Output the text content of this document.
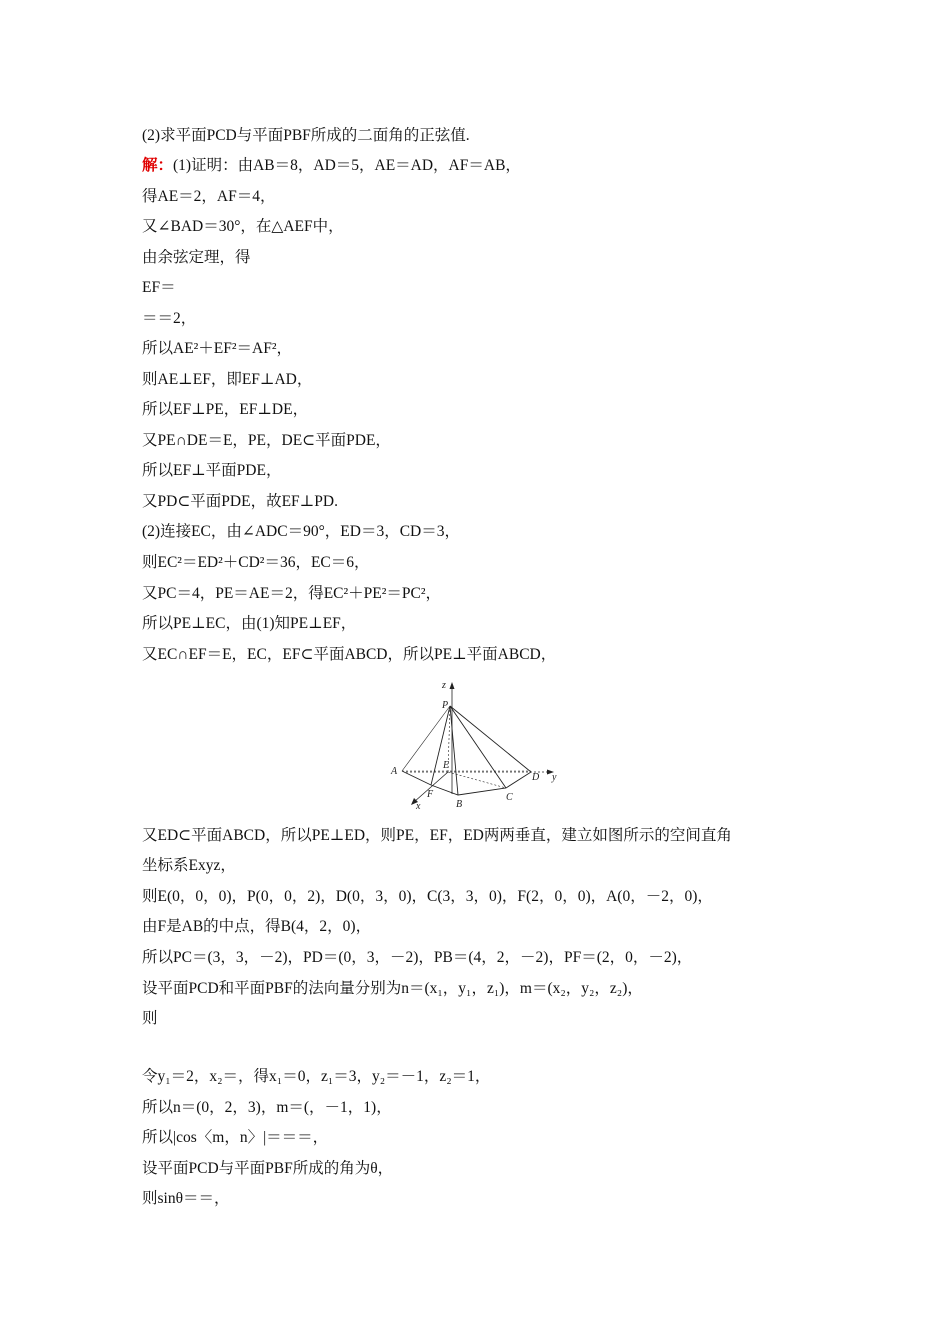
(2)求平面PCD与平面PBF所成的二面角的正弦值.
解：(1)证明：由AB＝8，AD＝5，AE＝AD，AF＝AB，
得AE＝2，AF＝4，
又∠BAD＝30°，在△AEF中，
由余弦定理，得
EF＝
＝＝2，
所以AE²＋EF²＝AF²，
则AE⊥EF，即EF⊥AD，
所以EF⊥PE，EF⊥DE，
又PE∩DE＝E，PE，DE⊂平面PDE，
所以EF⊥平面PDE，
又PD⊂平面PDE，故EF⊥PD.
(2)连接EC，由∠ADC＝90°，ED＝3，CD＝3，
则EC²＝ED²＋CD²＝36，EC＝6，
又PC＝4，PE＝AE＝2，得EC²＋PE²＝PC²，
所以PE⊥EC，由(1)知PE⊥EF，
又EC∩EF＝E，EC，EF⊂平面ABCD，所以PE⊥平面ABCD，
z
y
x
P
E
A
D
F
B
C
又ED⊂平面ABCD，所以PE⊥ED，则PE，EF，ED两两垂直，建立如图所示的空间直角
坐标系Exyz，
则E(0，0，0)，P(0，0，2)，D(0，3，0)，C(3，3，0)，F(2，0，0)，A(0，－2，0)，
由F是AB的中点，得B(4，2，0)，
所以PC＝(3，3，－2)，PD＝(0，3，－2)，PB＝(4，2，－2)，PF＝(2，0，－2)，
设平面PCD和平面PBF的法向量分别为n＝(x₁，y₁，z₁)，m＝(x₂，y₂，z₂)，
则
令y₁＝2，x₂＝，得x₁＝0，z₁＝3，y₂＝－1，z₂＝1，
所以n＝(0，2，3)，m＝(，－1，1)，
所以|cos〈m，n〉|＝＝＝，
设平面PCD与平面PBF所成的角为θ，
则sinθ＝＝，
